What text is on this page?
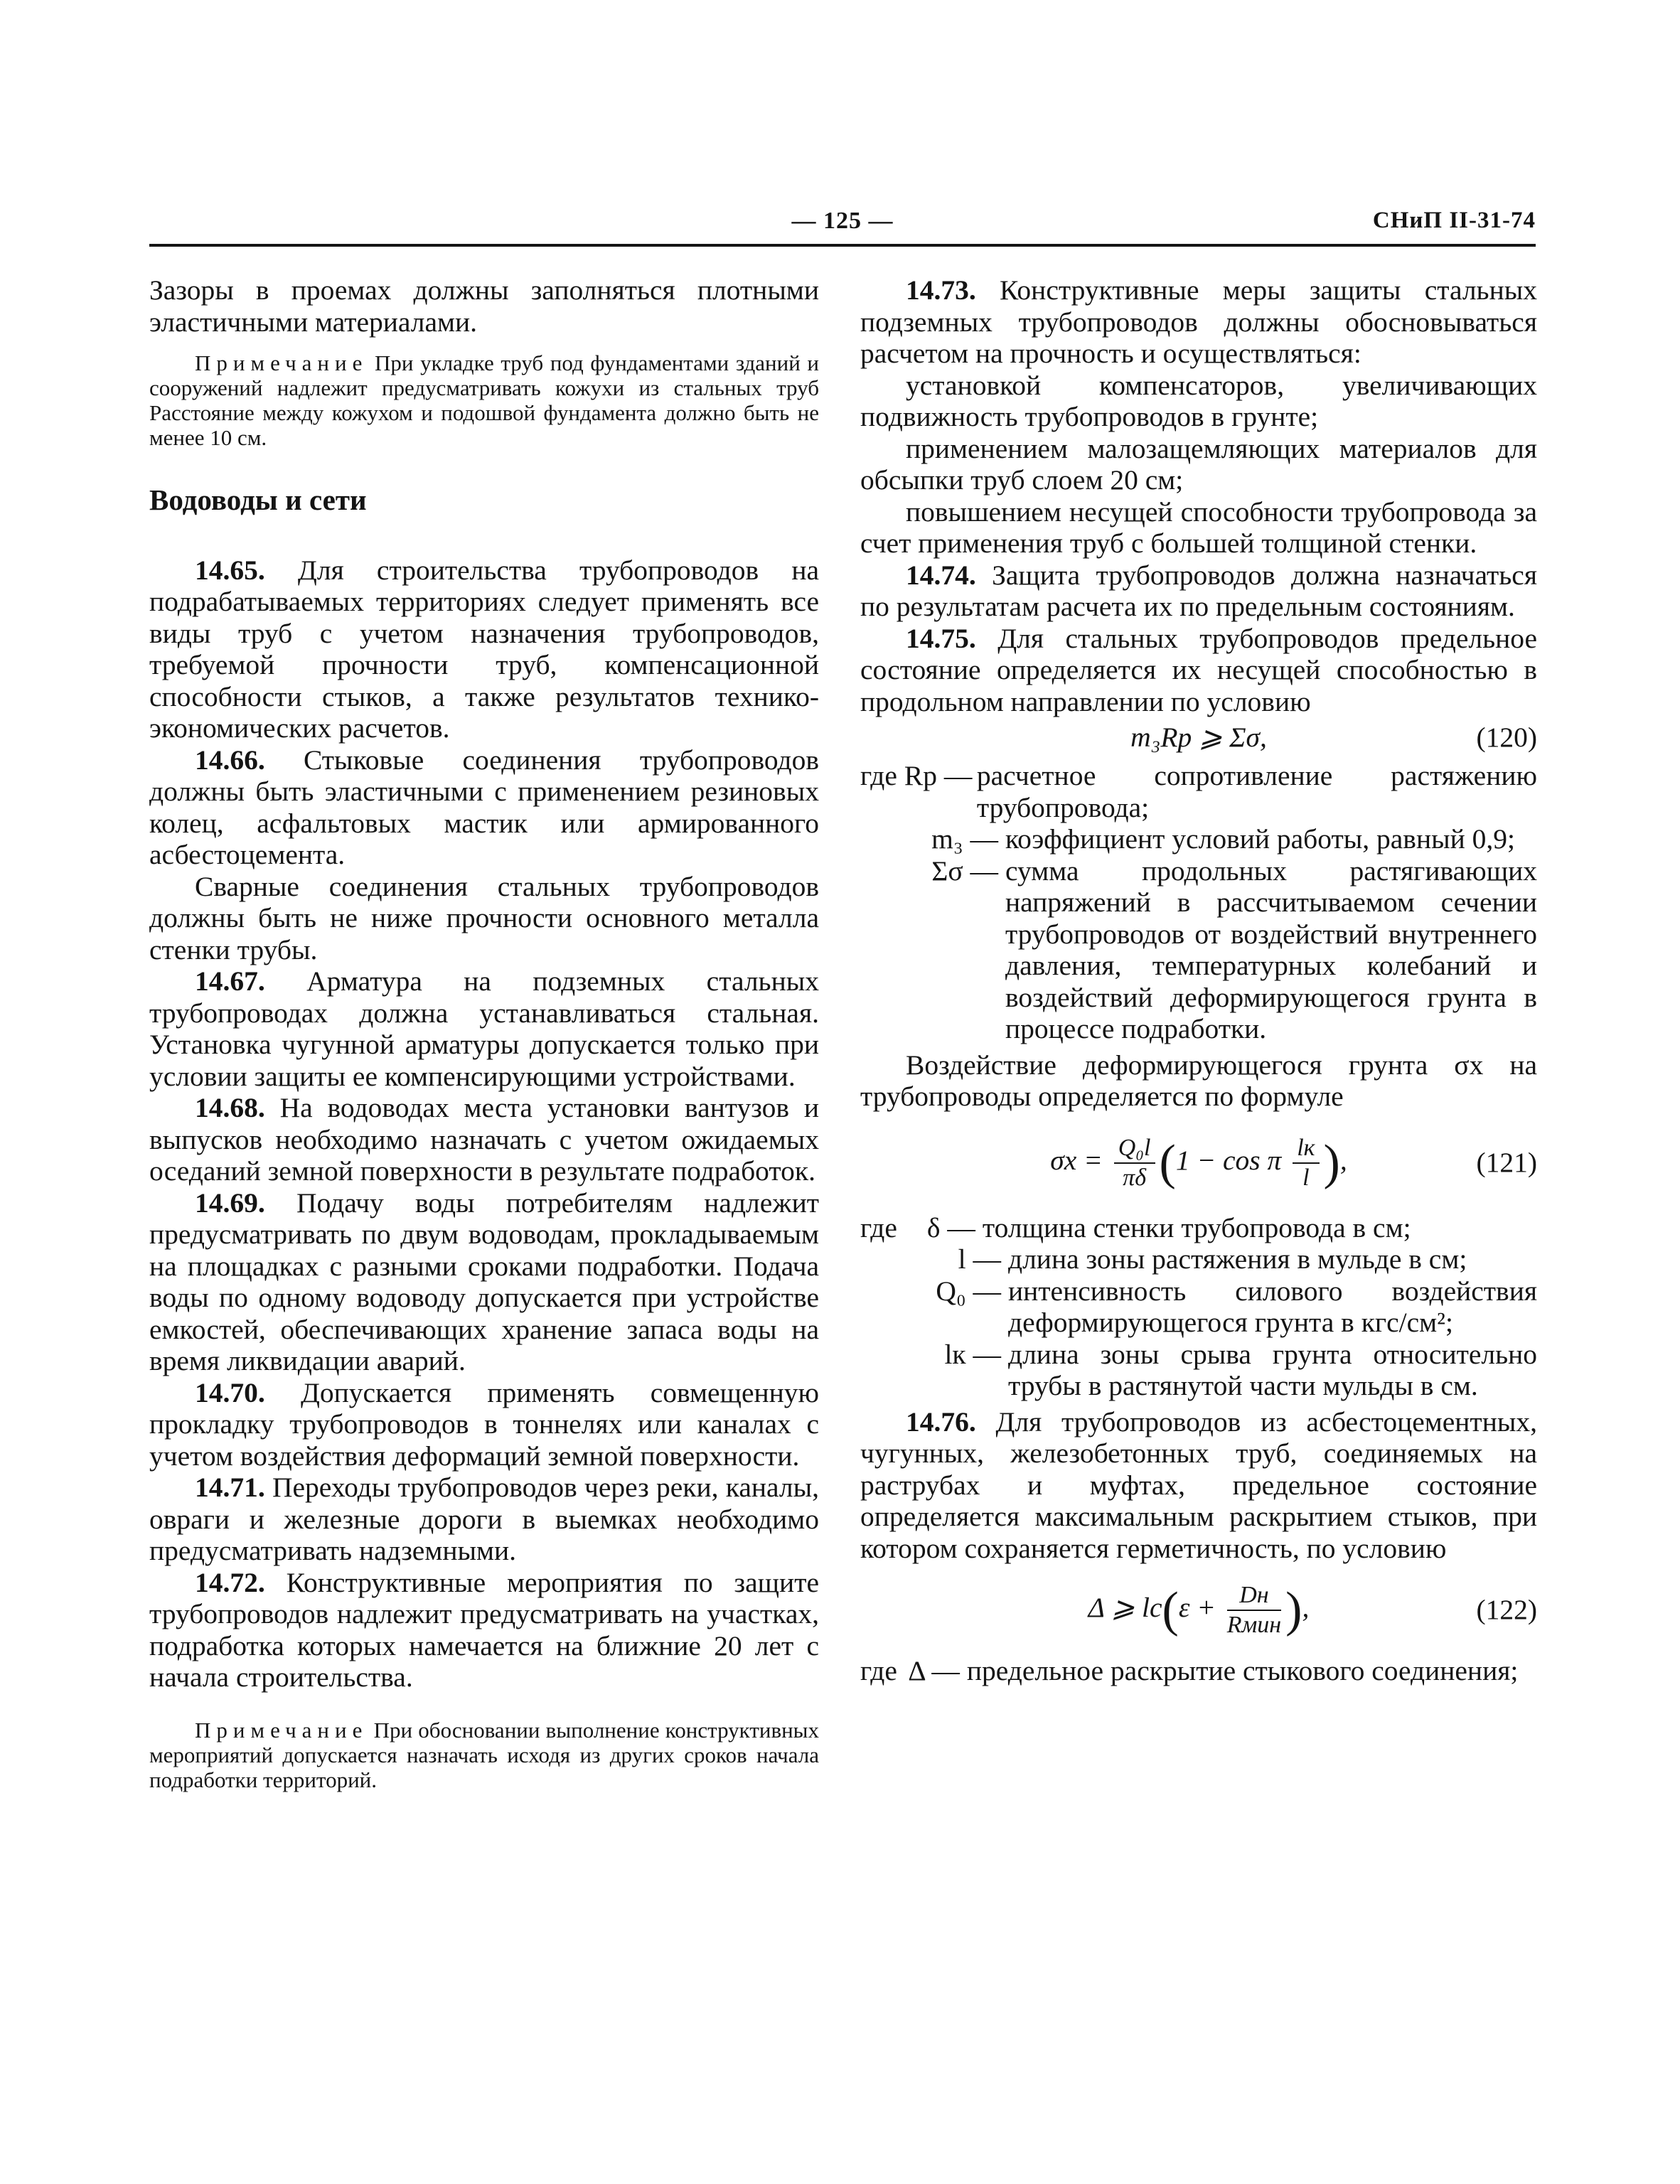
— 125 —	СНиП II-31-74

Зазоры в проемах должны заполняться плотными эластичными материалами.

Примечание При укладке труб под фундаментами зданий и сооружений надлежит предусматривать кожухи из стальных труб Расстояние между кожухом и подошвой фундамента должно быть не менее 10 см.

Водоводы и сети

14.65. Для строительства трубопроводов на подрабатываемых территориях следует применять все виды труб с учетом назначения трубопроводов, требуемой прочности труб, компенсационной способности стыков, а также результатов технико-экономических расчетов.

14.66. Стыковые соединения трубопроводов должны быть эластичными с применением резиновых колец, асфальтовых мастик или армированного асбестоцемента.

Сварные соединения стальных трубопроводов должны быть не ниже прочности основного металла стенки трубы.

14.67. Арматура на подземных стальных трубопроводах должна устанавливаться стальная. Установка чугунной арматуры допускается только при условии защиты ее компенсирующими устройствами.

14.68. На водоводах места установки вантузов и выпусков необходимо назначать с учетом ожидаемых оседаний земной поверхности в результате подработок.

14.69. Подачу воды потребителям надлежит предусматривать по двум водоводам, прокладываемым на площадках с разными сроками подработки. Подача воды по одному водоводу допускается при устройстве емкостей, обеспечивающих хранение запаса воды на время ликвидации аварий.

14.70. Допускается применять совмещенную прокладку трубопроводов в тоннелях или каналах с учетом воздействия деформаций земной поверхности.

14.71. Переходы трубопроводов через реки, каналы, овраги и железные дороги в выемках необходимо предусматривать надземными.

14.72. Конструктивные мероприятия по защите трубопроводов надлежит предусматривать на участках, подработка которых намечается на ближние 20 лет с начала строительства.

Примечание При обосновании выполнение конструктивных мероприятий допускается назначать исходя из других сроков начала подработки территорий.

14.73. Конструктивные меры защиты стальных подземных трубопроводов должны обосновываться расчетом на прочность и осуществляться:

установкой компенсаторов, увеличивающих подвижность трубопроводов в грунте;

применением малозащемляющих материалов для обсыпки труб слоем 20 см;

повышением несущей способности трубопровода за счет применения труб с большей толщиной стенки.

14.74. Защита трубопроводов должна назначаться по результатам расчета их по предельным состояниям.

14.75. Для стальных трубопроводов предельное состояние определяется их несущей способностью в продольном направлении по условию

m₃Rр ⩾ Σσ,	(120)
где Rр — расчетное сопротивление растяжению трубопровода;
m₃ — коэффициент условий работы, равный 0,9;
Σσ — сумма продольных растягивающих напряжений в рассчитываемом сечении трубопроводов от воздействий внутреннего давления, температурных колебаний и воздействий деформирующегося грунта в процессе подработки.

Воздействие деформирующегося грунта σx на трубопроводы определяется по формуле

$\sigma x = \frac{\text{Q₀l}}{\pi\delta} (1 - \cos \pi \frac{lк}{l}$ ),	(121)
где	δ — толщина стенки трубопровода в см;
l — длина зоны растяжения в мульде в см;
Q₀ — интенсивность силового воздействия деформирующегося грунта в кгс/см²;
lк — длина зоны срыва грунта относительно трубы в растянутой части мульды в см.

14.76. Для трубопроводов из асбестоцементных, чугунных, железобетонных труб, соединяемых на раструбах и муфтах, предельное состояние определяется максимальным раскрытием стыков, при котором сохраняется герметичность, по условию

Δ ⩾ $lc(\varepsilon + \frac{Dн}{\text{Rмин}}$ ),	(122)
где Δ — предельное раскрытие стыкового соединения;
